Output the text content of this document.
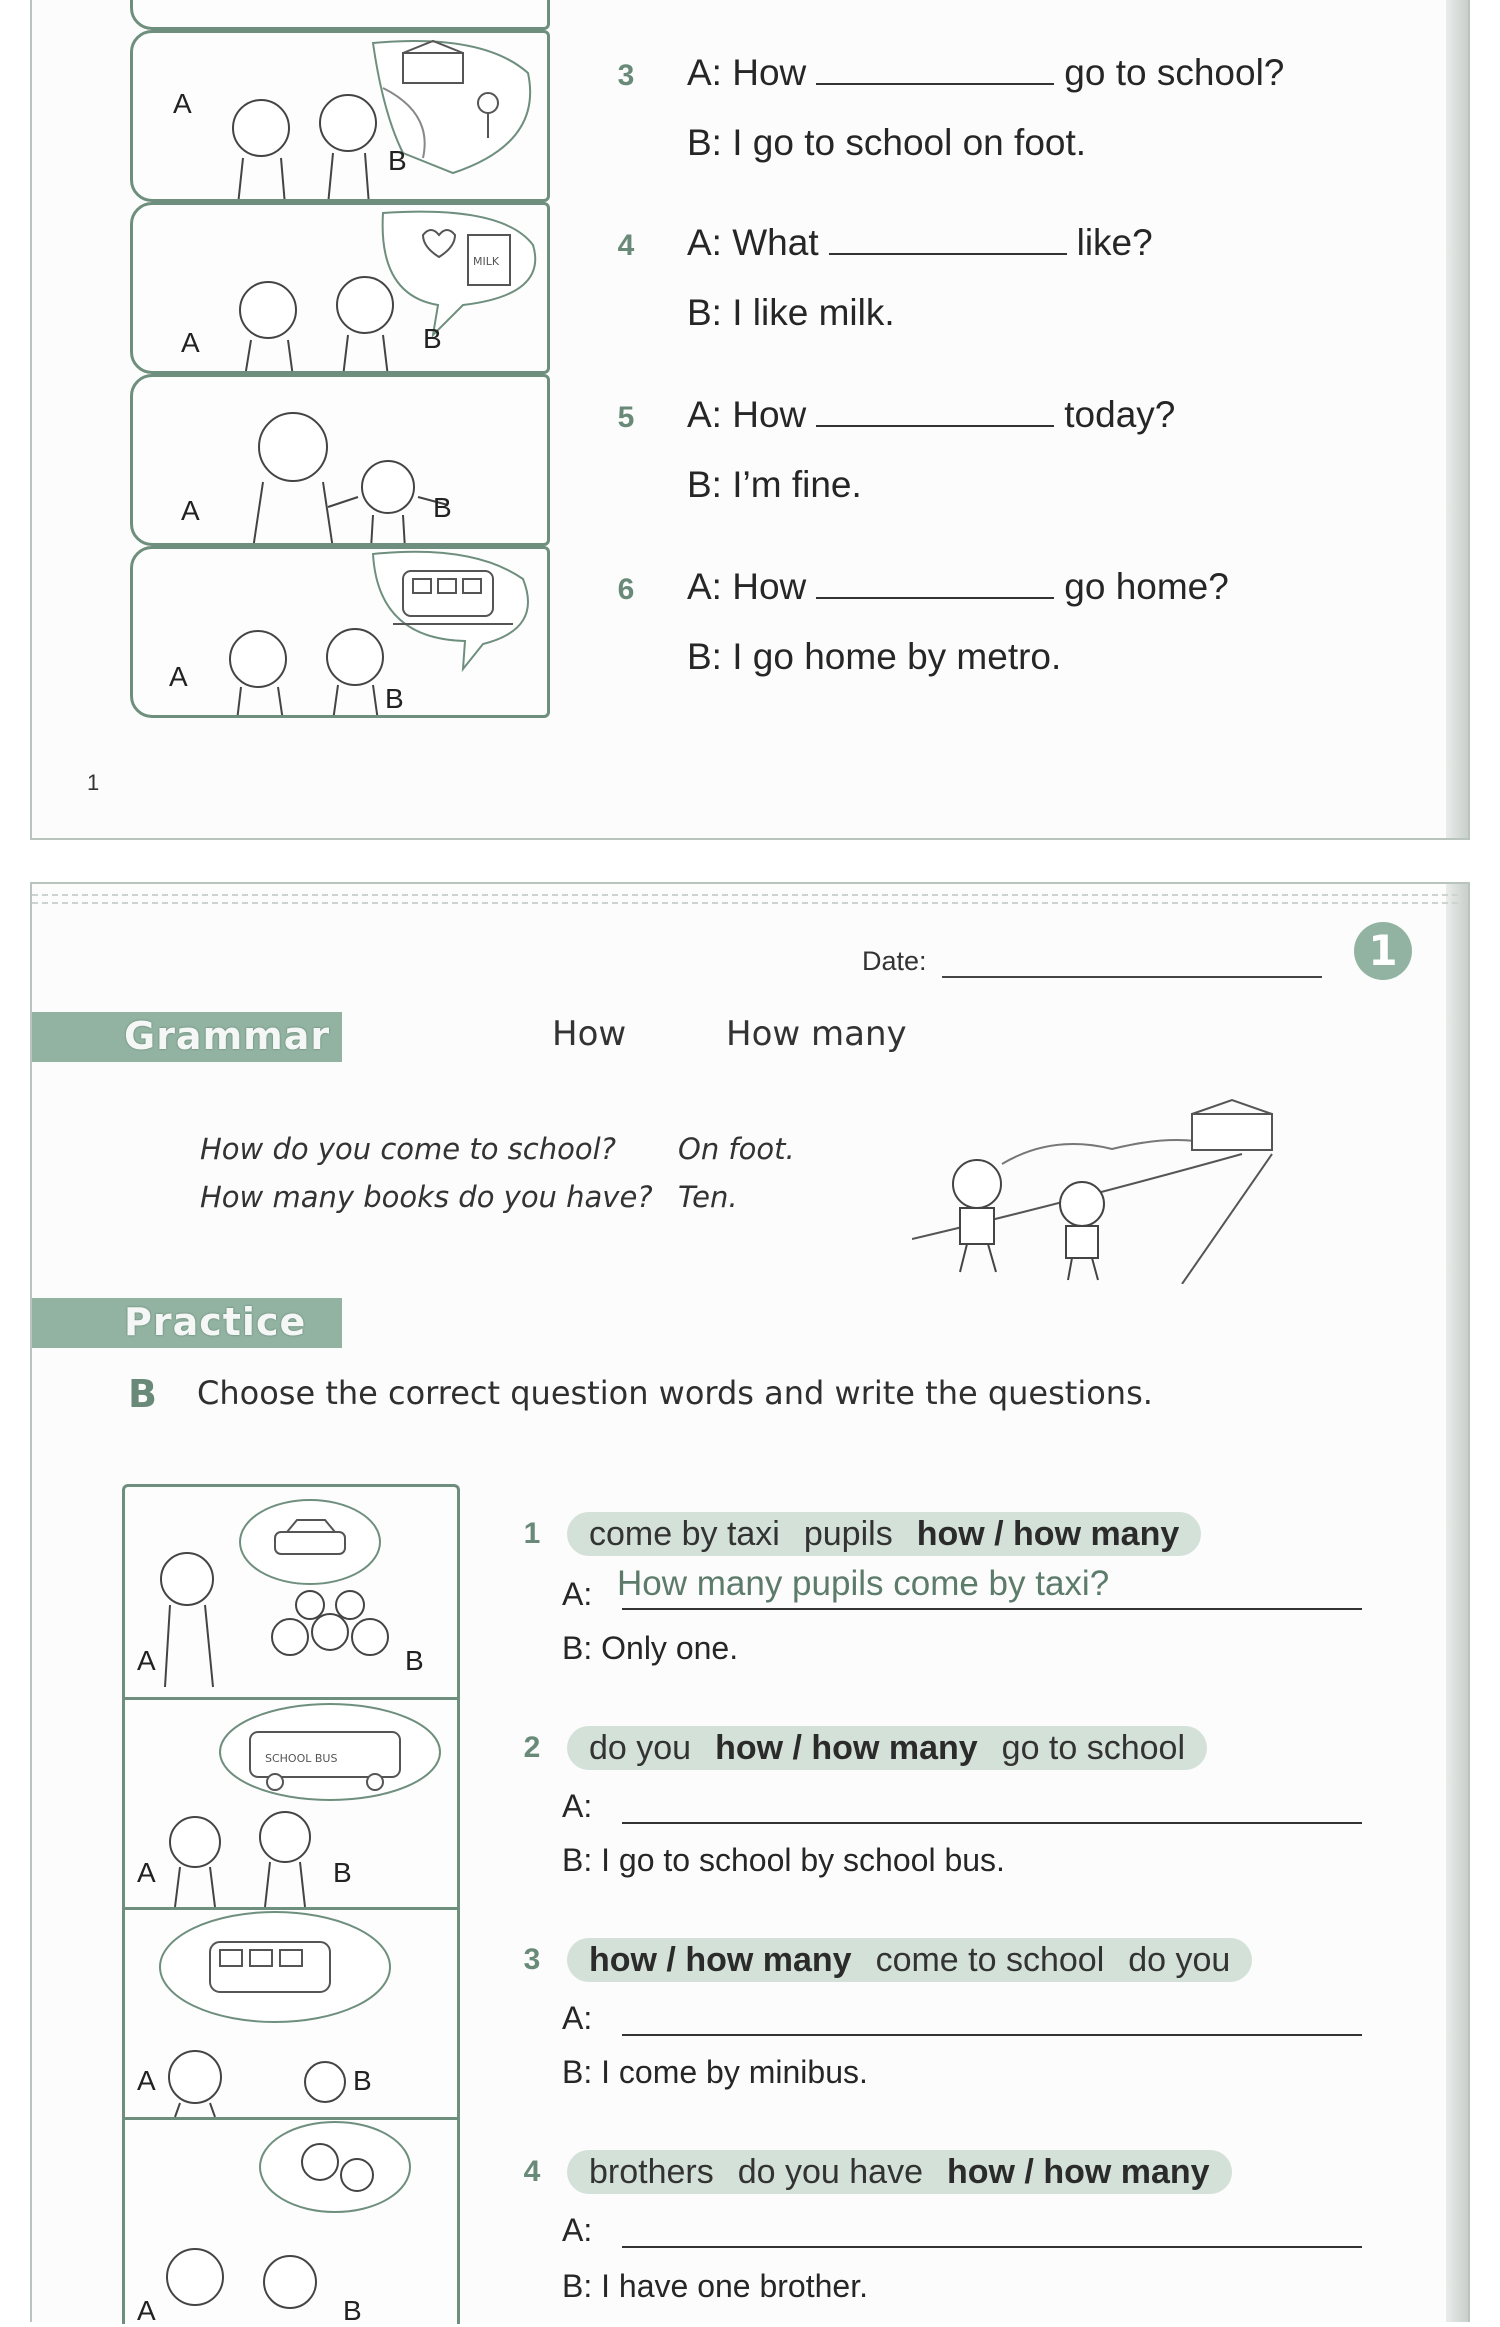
A
B
MILK
A	B
A	B
A
B
3	A: How	go to school?
B: I go to school on foot.
4	A: What	like?
B: I like milk.
5	A: How	today?
B: I’m fine.
6	A: How	go home?
B: I go home by metro.
1
Date:	1
Grammar	How	How many
How do you come to school? On foot.
How many books do you have? Ten.
Practice
B Choose the correct question words and write the questions.
SCHOOL BUS
A	B
A	B
A	B
A	B
1	come by taxi pupils how / how many
A: How many pupils come by taxi?
B: Only one.
2	do you how / how many go to school
A:
B: I go to school by school bus.
3	how / how many come to school do you
A:
B: I come by minibus.
4	brothers do you have how / how many
A:
B: I have one brother.
